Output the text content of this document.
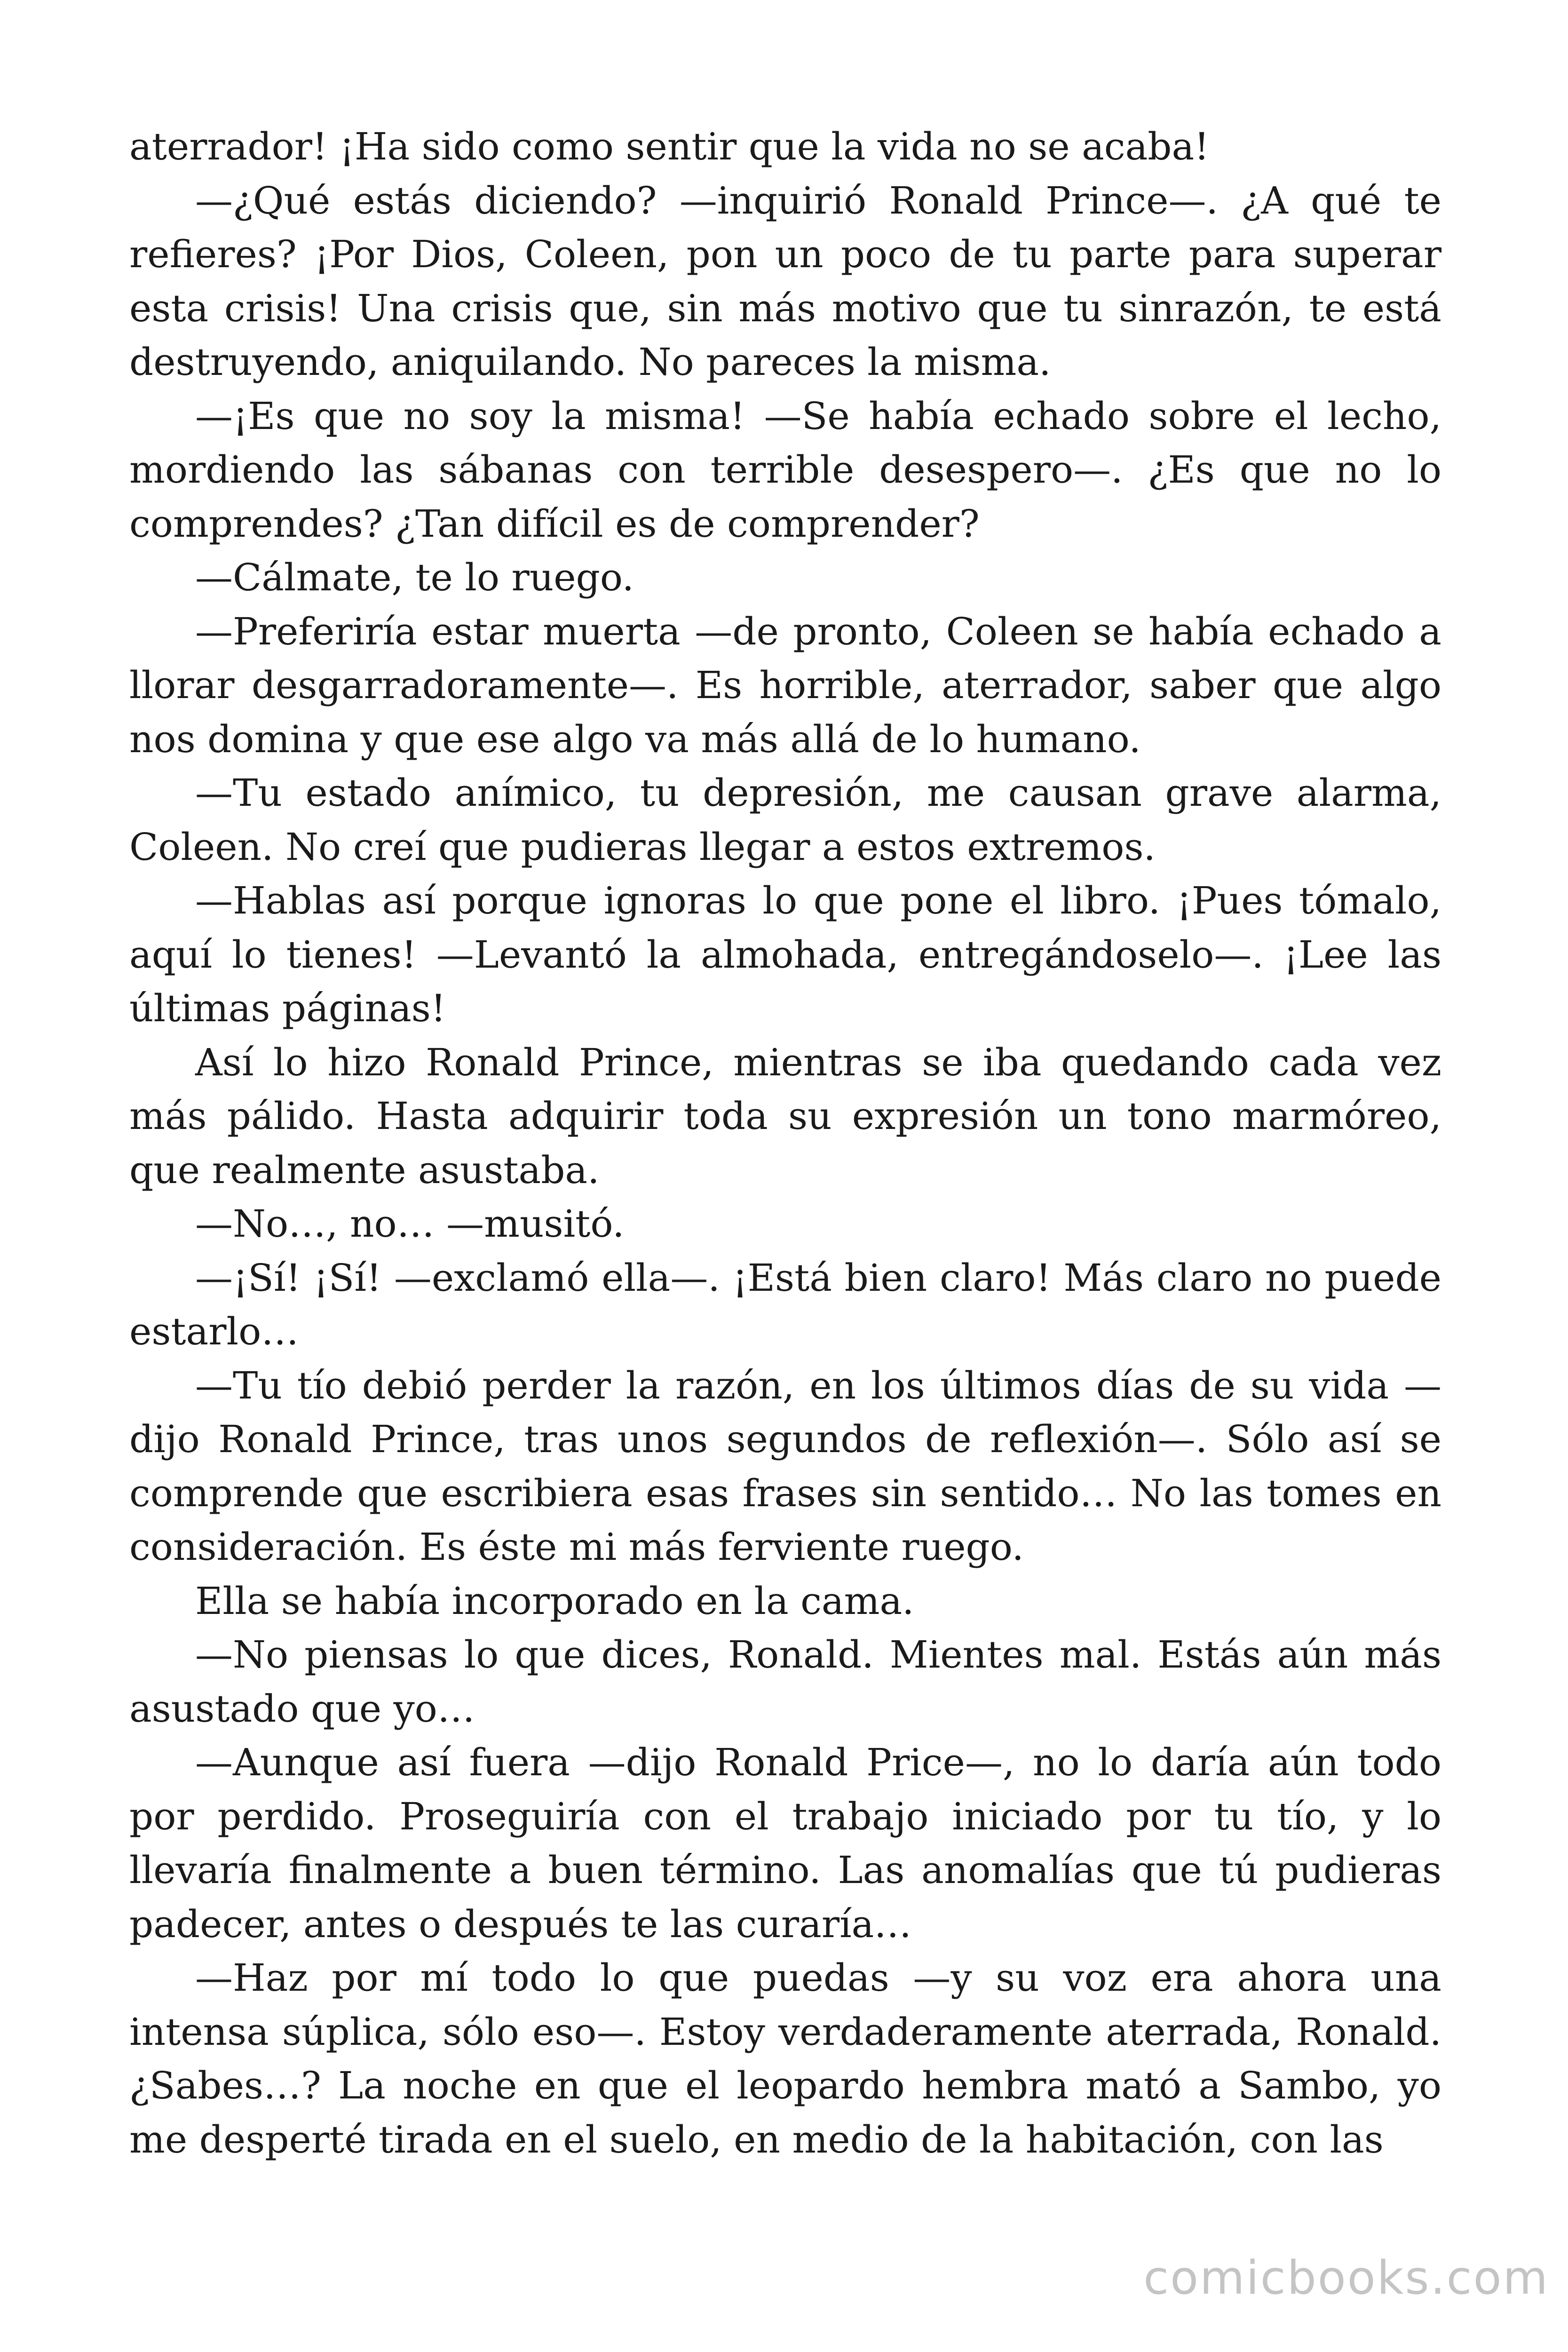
aterrador! ¡Ha sido como sentir que la vida no se acaba!

—¿Qué estás diciendo? —inquirió Ronald Prince—. ¿A qué te refieres? ¡Por Dios, Coleen, pon un poco de tu parte para superar esta crisis! Una crisis que, sin más motivo que tu sinrazón, te está destruyendo, aniquilando. No pareces la misma.

—¡Es que no soy la misma! —Se había echado sobre el lecho, mordiendo las sábanas con terrible desespero—. ¿Es que no lo comprendes? ¿Tan difícil es de comprender?

—Cálmate, te lo ruego.

—Preferiría estar muerta —de pronto, Coleen se había echado a llorar desgarradoramente—. Es horrible, aterrador, saber que algo nos domina y que ese algo va más allá de lo humano.

—Tu estado anímico, tu depresión, me causan grave alarma, Coleen. No creí que pudieras llegar a estos extremos.

—Hablas así porque ignoras lo que pone el libro. ¡Pues tómalo, aquí lo tienes! —Levantó la almohada, entregándoselo—. ¡Lee las últimas páginas!

Así lo hizo Ronald Prince, mientras se iba quedando cada vez más pálido. Hasta adquirir toda su expresión un tono marmóreo, que realmente asustaba.

—No…, no… —musitó.

—¡Sí! ¡Sí! —exclamó ella—. ¡Está bien claro! Más claro no puede estarlo…

—Tu tío debió perder la razón, en los últimos días de su vida —dijo Ronald Prince, tras unos segundos de reflexión—. Sólo así se comprende que escribiera esas frases sin sentido… No las tomes en consideración. Es éste mi más ferviente ruego.

Ella se había incorporado en la cama.

—No piensas lo que dices, Ronald. Mientes mal. Estás aún más asustado que yo…

—Aunque así fuera —dijo Ronald Price—, no lo daría aún todo por perdido. Proseguiría con el trabajo iniciado por tu tío, y lo llevaría finalmente a buen término. Las anomalías que tú pudieras padecer, antes o después te las curaría…

—Haz por mí todo lo que puedas —y su voz era ahora una intensa súplica, sólo eso—. Estoy verdaderamente aterrada, Ronald. ¿Sabes…? La noche en que el leopardo hembra mató a Sambo, yo me desperté tirada en el suelo, en medio de la habitación, con las

comicbooks.com
